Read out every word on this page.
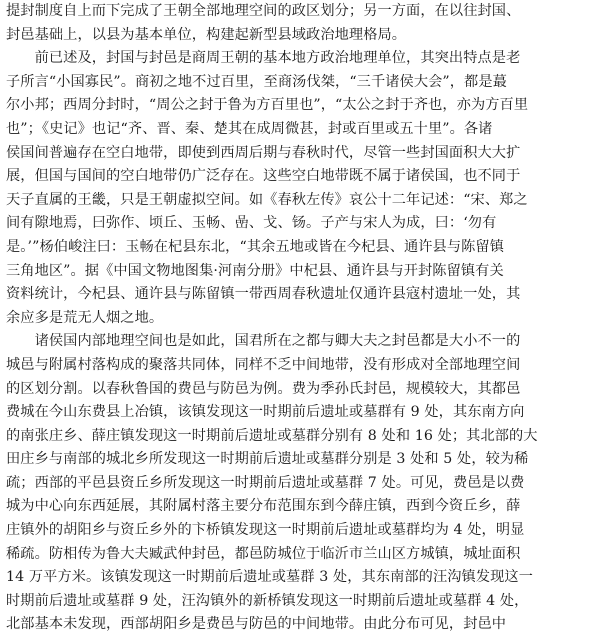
提封制度自上而下完成了王朝全部地理空间的政区划分；另一方面，在以往封国、
封邑基础上，以县为基本单位，构建起新型县域政治地理格局。
　　前已述及，封国与封邑是商周王朝的基本地方政治地理单位，其突出特点是老
子所言“小国寡民”。商初之地不过百里，至商汤伐桀，“三千诸侯大会”，都是蕞
尔小邦；西周分封时，“周公之封于鲁为方百里也”，“太公之封于齐也，亦为方百里
也”；《史记》也记“齐、晋、秦、楚其在成周微甚，封或百里或五十里”。各诸
侯国间普遍存在空白地带，即使到西周后期与春秋时代，尽管一些封国面积大大扩
展，但国与国间的空白地带仍广泛存在。这些空白地带既不属于诸侯国，也不同于
天子直属的王畿，只是王朝虚拟空间。如《春秋左传》哀公十二年记述：“宋、郑之
间有隙地焉，曰弥作、顷丘、玉畅、嵒、戈、钖。子产与宋人为成，曰：‘勿有
是。’”杨伯峻注曰：玉畅在杞县东北，“其余五地或皆在今杞县、通许县与陈留镇
三角地区”。据《中国文物地图集·河南分册》中杞县、通许县与开封陈留镇有关
资料统计，今杞县、通许县与陈留镇一带西周春秋遗址仅通许县寇村遗址一处，其
余应多是荒无人烟之地。
　　诸侯国内部地理空间也是如此，国君所在之都与卿大夫之封邑都是大小不一的
城邑与附属村落构成的聚落共同体，同样不乏中间地带，没有形成对全部地理空间
的区划分割。以春秋鲁国的费邑与防邑为例。费为季孙氏封邑，规模较大，其都邑
费城在今山东费县上冶镇，该镇发现这一时期前后遗址或墓群有 9 处，其东南方向
的南张庄乡、薛庄镇发现这一时期前后遗址或墓群分别有 8 处和 16 处；其北部的大
田庄乡与南部的城北乡所发现这一时期前后遗址或墓群分别是 3 处和 5 处，较为稀
疏；西部的平邑县资丘乡所发现这一时期前后遗址或墓群 7 处。可见，费邑是以费
城为中心向东西延展，其附属村落主要分布范围东到今薛庄镇，西到今资丘乡，薛
庄镇外的胡阳乡与资丘乡外的卞桥镇发现这一时期前后遗址或墓群均为 4 处，明显
稀疏。防相传为鲁大夫臧武仲封邑，都邑防城位于临沂市兰山区方城镇，城址面积
14 万平方米。该镇发现这一时期前后遗址或墓群 3 处，其东南部的汪沟镇发现这一
时期前后遗址或墓群 9 处，汪沟镇外的新桥镇发现这一时期前后遗址或墓群 4 处，
北部基本未发现，西部胡阳乡是费邑与防邑的中间地带。由此分布可见，封邑中
